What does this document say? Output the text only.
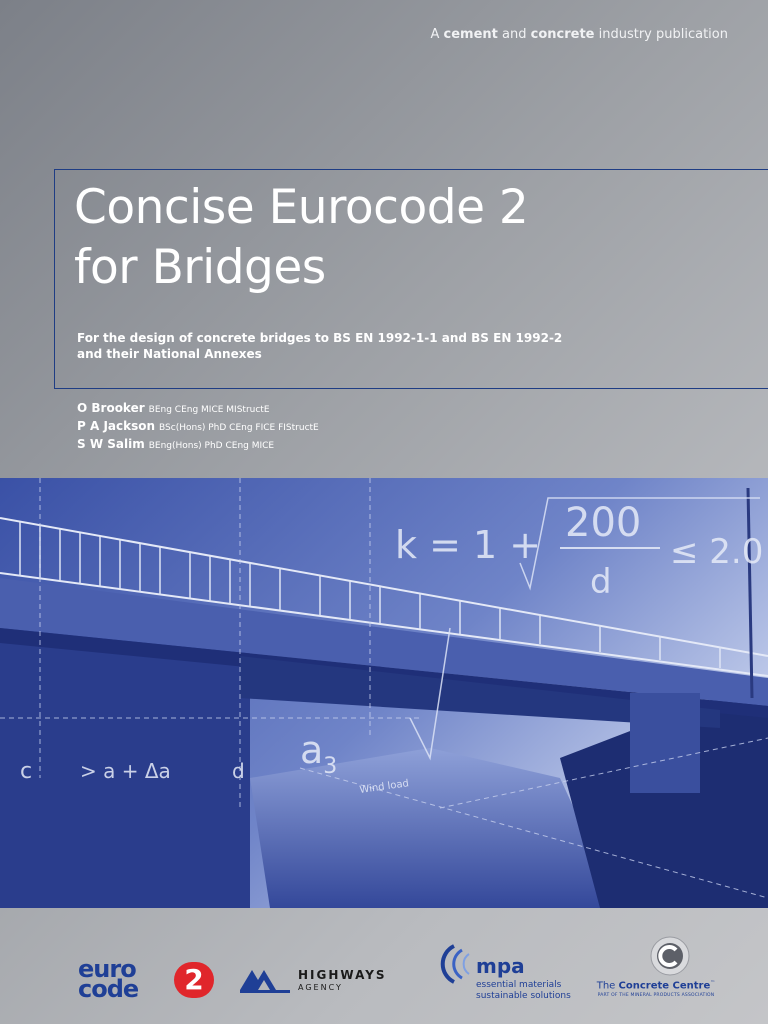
A cement and concrete industry publication
Concise Eurocode 2
for Bridges
For the design of concrete bridges to BS EN 1992-1-1 and BS EN 1992-2
and their National Annexes
O Brooker BEng CEng MICE MIStructE
P A Jackson BSc(Hons) PhD CEng FICE FIStructE
S W Salim BEng(Hons) PhD CEng MICE
k = 1 + 200
d
≤ 2.0
$a_3$
c > a + Δa	d
Wind load
euro
code	2	HIGHWAYS
AGENCY
mpa
essential materials
sustainable solutions
The Concrete Centre™
PART OF THE MINERAL PRODUCTS ASSOCIATION
